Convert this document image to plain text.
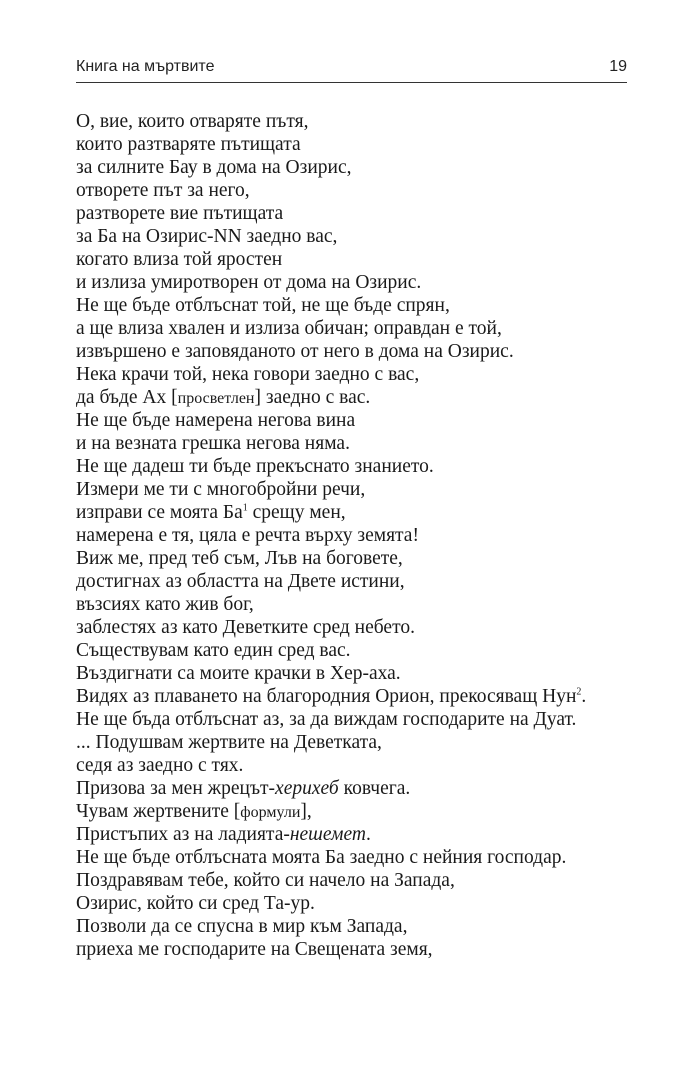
Книга на мъртвите	19
О, вие, които отваряте пътя,
които разтваряте пътищата
за силните Бау в дома на Озирис,
отворете път за него,
разтворете вие пътищата
за Ба на Озирис-NN заедно вас,
когато влиза той яростен
и излиза умиротворен от дома на Озирис.
Не ще бъде отблъснат той, не ще бъде спрян,
а ще влиза хвален и излиза обичан; оправдан е той,
извършено е заповяданото от него в дома на Озирис.
Нека крачи той, нека говори заедно с вас,
да бъде Ах [просветлен] заедно с вас.
Не ще бъде намерена негова вина
и на везната грешка негова няма.
Не ще дадеш ти бъде прекъснато знанието.
Измери ме ти с многобройни речи,
изправи се моята $Ба^1$ срещу мен,
намерена е тя, цяла е речта върху земята!
Виж ме, пред теб съм, Лъв на боговете,
достигнах аз областта на Двете истини,
възсиях като жив бог,
заблестях аз като Деветките сред небето.
Съществувам като един сред вас.
Въздигнати са моите крачки в Хер-аха.
Видях аз плаването на благородния Орион, прекосяващ Нун$^2$.
Не ще бъда отблъснат аз, за да виждам господарите на Дуат.
... Подушвам жертвите на Деветката,
седя аз заедно с тях.
Призова за мен жрецът-херихеб ковчега.
Чувам жертвените [формули],
Пристъпих аз на ладията-нешемет.
Не ще бъде отблъсната моята Ба заедно с нейния господар.
Поздравявам тебе, който си начело на Запада,
Озирис, който си сред Та-ур.
Позволи да се спусна в мир към Запада,
приеха ме господарите на Свещената земя,
